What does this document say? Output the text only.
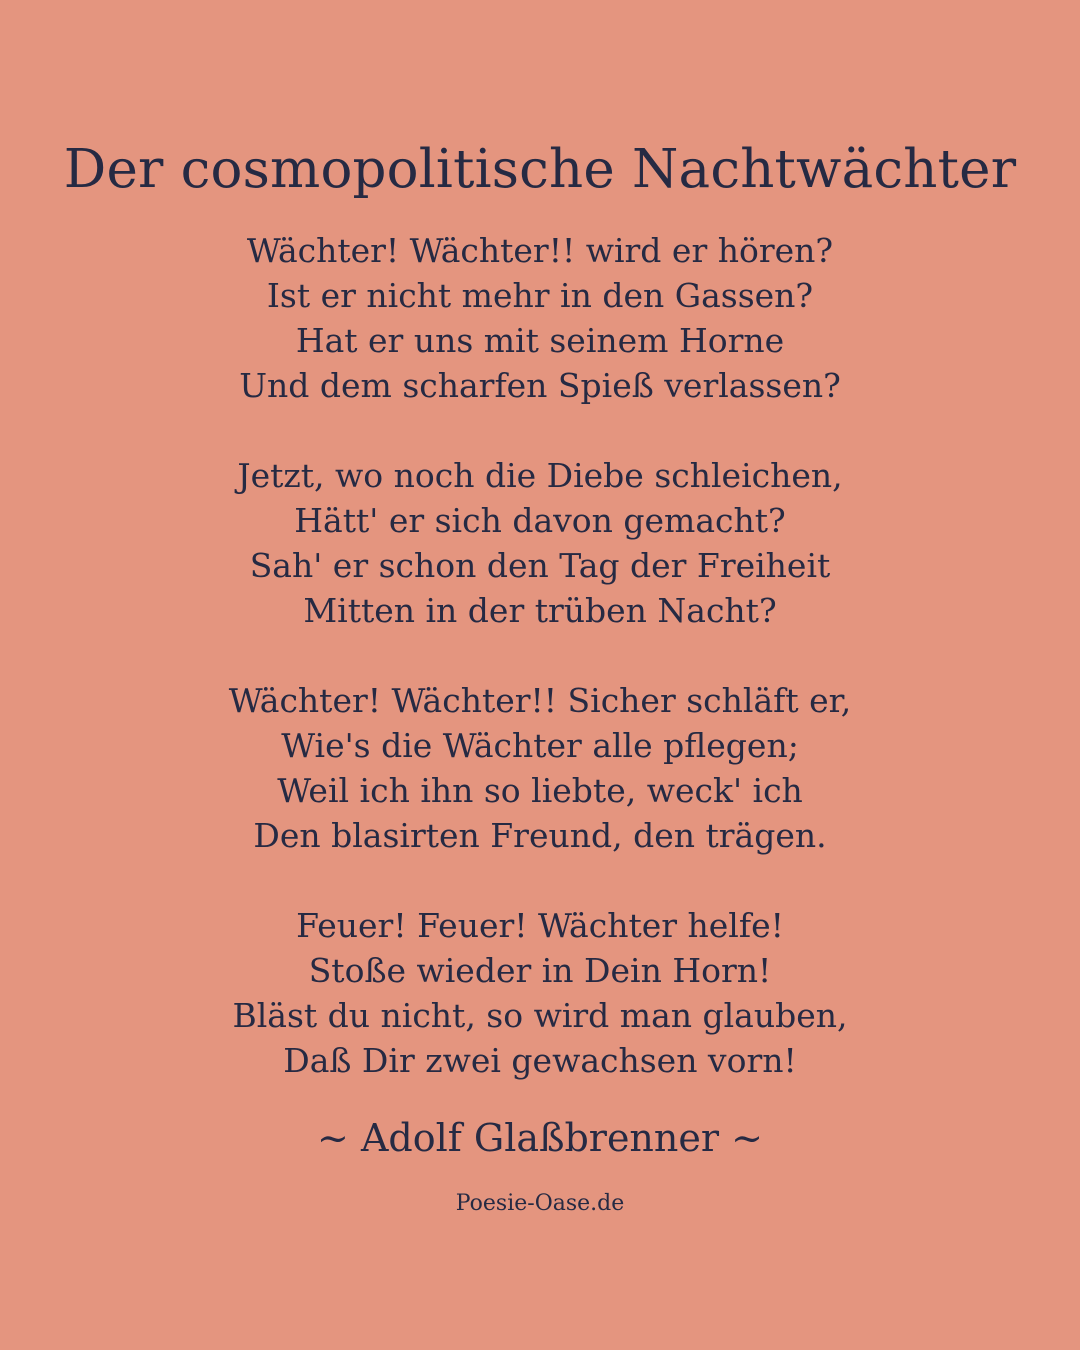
Der cosmopolitische Nachtwächter
Wächter! Wächter!! wird er hören?
Ist er nicht mehr in den Gassen?
Hat er uns mit seinem Horne
Und dem scharfen Spieß verlassen?
Jetzt, wo noch die Diebe schleichen,
Hätt' er sich davon gemacht?
Sah' er schon den Tag der Freiheit
Mitten in der trüben Nacht?
Wächter! Wächter!! Sicher schläft er,
Wie's die Wächter alle pflegen;
Weil ich ihn so liebte, weck' ich
Den blasirten Freund, den trägen.
Feuer! Feuer! Wächter helfe!
Stoße wieder in Dein Horn!
Bläst du nicht, so wird man glauben,
Daß Dir zwei gewachsen vorn!
~ Adolf Glaßbrenner ~
Poesie-Oase.de
